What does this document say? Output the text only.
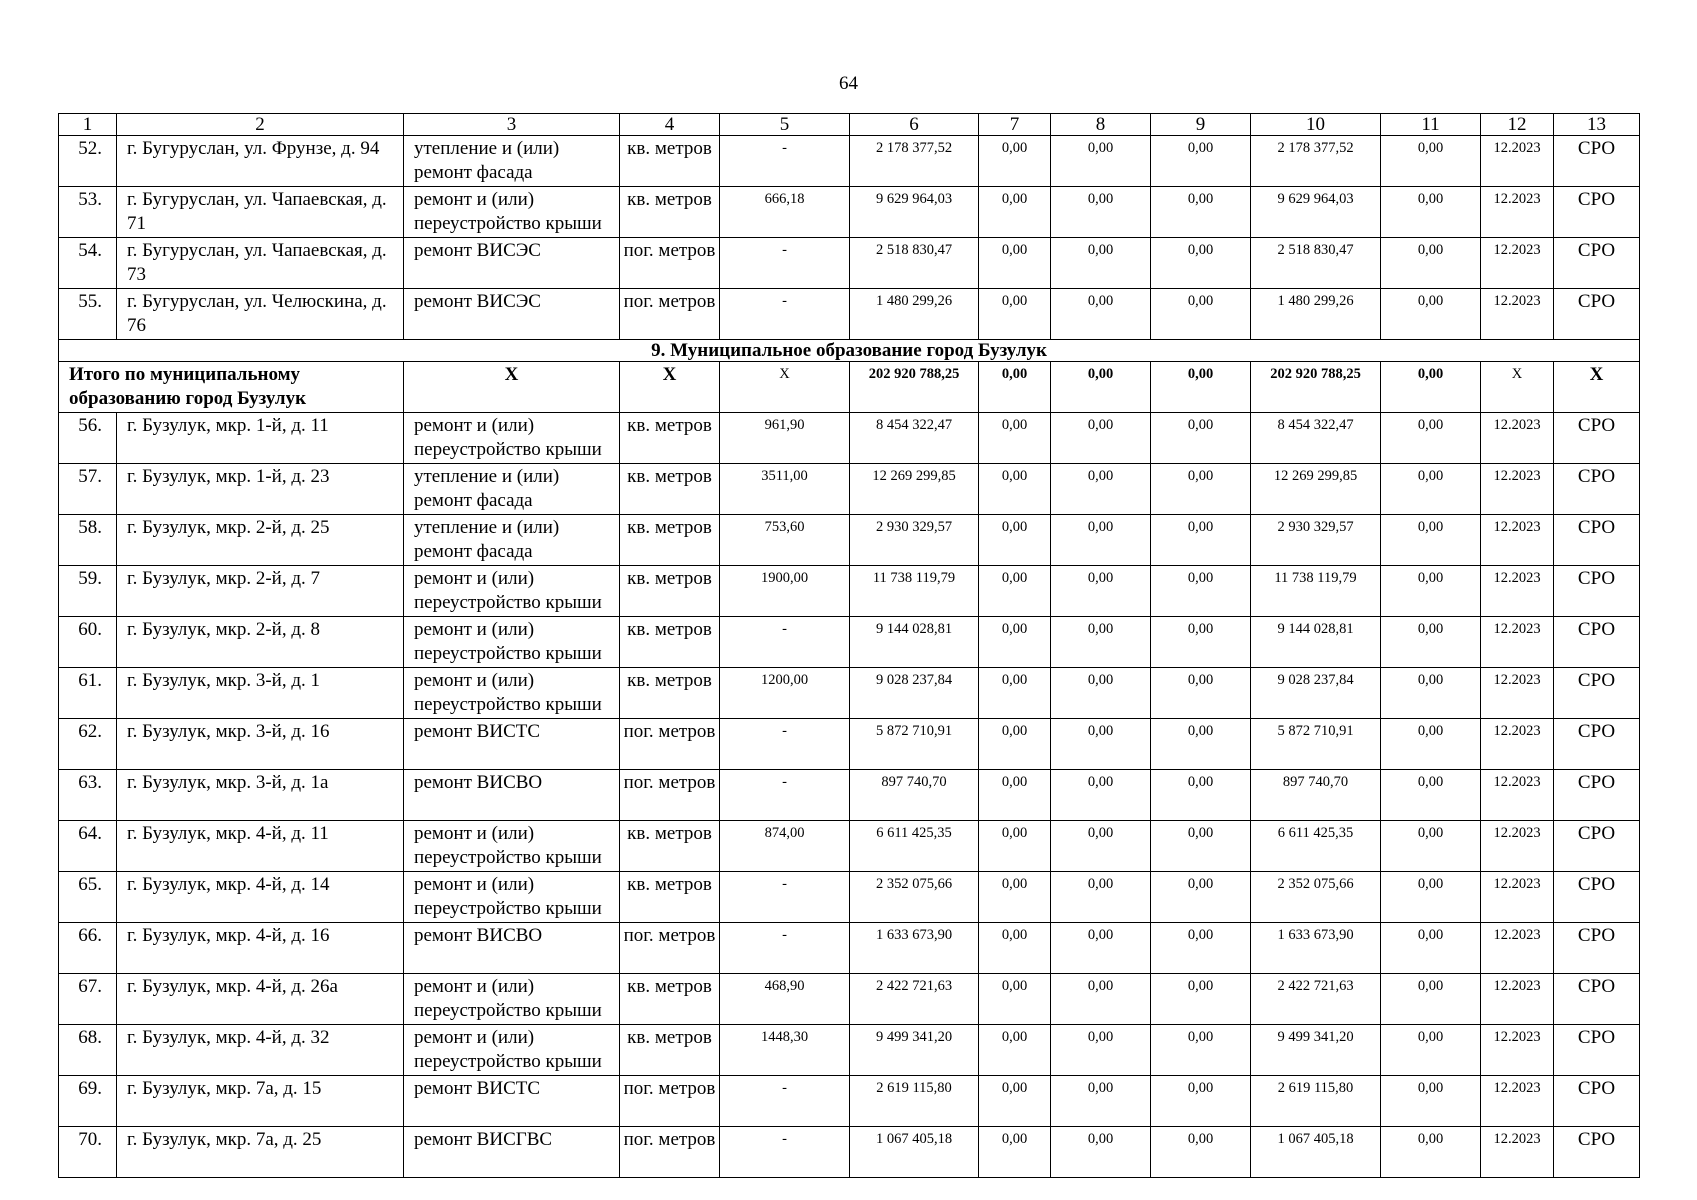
64
1	2	3	4	5	6	7	8	9	10	11	12	13
52.	г. Бугуруслан, ул. Фрунзе, д. 94	утепление и (или) ремонт фасада	кв. метров	-	2 178 377,52	0,00	0,00	0,00	2 178 377,52	0,00	12.2023	СРО
53.	г. Бугуруслан, ул. Чапаевская, д. 71	ремонт и (или) переустройство крыши	кв. метров	666,18	9 629 964,03	0,00	0,00	0,00	9 629 964,03	0,00	12.2023	СРО
54.	г. Бугуруслан, ул. Чапаевская, д. 73	ремонт ВИСЭС	пог. метров	-	2 518 830,47	0,00	0,00	0,00	2 518 830,47	0,00	12.2023	СРО
55.	г. Бугуруслан, ул. Челюскина, д. 76	ремонт ВИСЭС	пог. метров	-	1 480 299,26	0,00	0,00	0,00	1 480 299,26	0,00	12.2023	СРО
9. Муниципальное образование город Бузулук												
Итого по муниципальному образованию город Бузулук		Х	Х	Х	202 920 788,25	0,00	0,00	0,00	202 920 788,25	0,00	Х	Х
56.	г. Бузулук, мкр. 1-й, д. 11	ремонт и (или) переустройство крыши	кв. метров	961,90	8 454 322,47	0,00	0,00	0,00	8 454 322,47	0,00	12.2023	СРО
57.	г. Бузулук, мкр. 1-й, д. 23	утепление и (или) ремонт фасада	кв. метров	3511,00	12 269 299,85	0,00	0,00	0,00	12 269 299,85	0,00	12.2023	СРО
58.	г. Бузулук, мкр. 2-й, д. 25	утепление и (или) ремонт фасада	кв. метров	753,60	2 930 329,57	0,00	0,00	0,00	2 930 329,57	0,00	12.2023	СРО
59.	г. Бузулук, мкр. 2-й, д. 7	ремонт и (или) переустройство крыши	кв. метров	1900,00	11 738 119,79	0,00	0,00	0,00	11 738 119,79	0,00	12.2023	СРО
60.	г. Бузулук, мкр. 2-й, д. 8	ремонт и (или) переустройство крыши	кв. метров	-	9 144 028,81	0,00	0,00	0,00	9 144 028,81	0,00	12.2023	СРО
61.	г. Бузулук, мкр. 3-й, д. 1	ремонт и (или) переустройство крыши	кв. метров	1200,00	9 028 237,84	0,00	0,00	0,00	9 028 237,84	0,00	12.2023	СРО
62.	г. Бузулук, мкр. 3-й, д. 16	ремонт ВИСТС	пог. метров	-	5 872 710,91	0,00	0,00	0,00	5 872 710,91	0,00	12.2023	СРО
63.	г. Бузулук, мкр. 3-й, д. 1а	ремонт ВИСВО	пог. метров	-	897 740,70	0,00	0,00	0,00	897 740,70	0,00	12.2023	СРО
64.	г. Бузулук, мкр. 4-й, д. 11	ремонт и (или) переустройство крыши	кв. метров	874,00	6 611 425,35	0,00	0,00	0,00	6 611 425,35	0,00	12.2023	СРО
65.	г. Бузулук, мкр. 4-й, д. 14	ремонт и (или) переустройство крыши	кв. метров	-	2 352 075,66	0,00	0,00	0,00	2 352 075,66	0,00	12.2023	СРО
66.	г. Бузулук, мкр. 4-й, д. 16	ремонт ВИСВО	пог. метров	-	1 633 673,90	0,00	0,00	0,00	1 633 673,90	0,00	12.2023	СРО
67.	г. Бузулук, мкр. 4-й, д. 26а	ремонт и (или) переустройство крыши	кв. метров	468,90	2 422 721,63	0,00	0,00	0,00	2 422 721,63	0,00	12.2023	СРО
68.	г. Бузулук, мкр. 4-й, д. 32	ремонт и (или) переустройство крыши	кв. метров	1448,30	9 499 341,20	0,00	0,00	0,00	9 499 341,20	0,00	12.2023	СРО
69.	г. Бузулук, мкр. 7а, д. 15	ремонт ВИСТС	пог. метров	-	2 619 115,80	0,00	0,00	0,00	2 619 115,80	0,00	12.2023	СРО
70.	г. Бузулук, мкр. 7а, д. 25	ремонт ВИСГВС	пог. метров	-	1 067 405,18	0,00	0,00	0,00	1 067 405,18	0,00	12.2023	СРО
